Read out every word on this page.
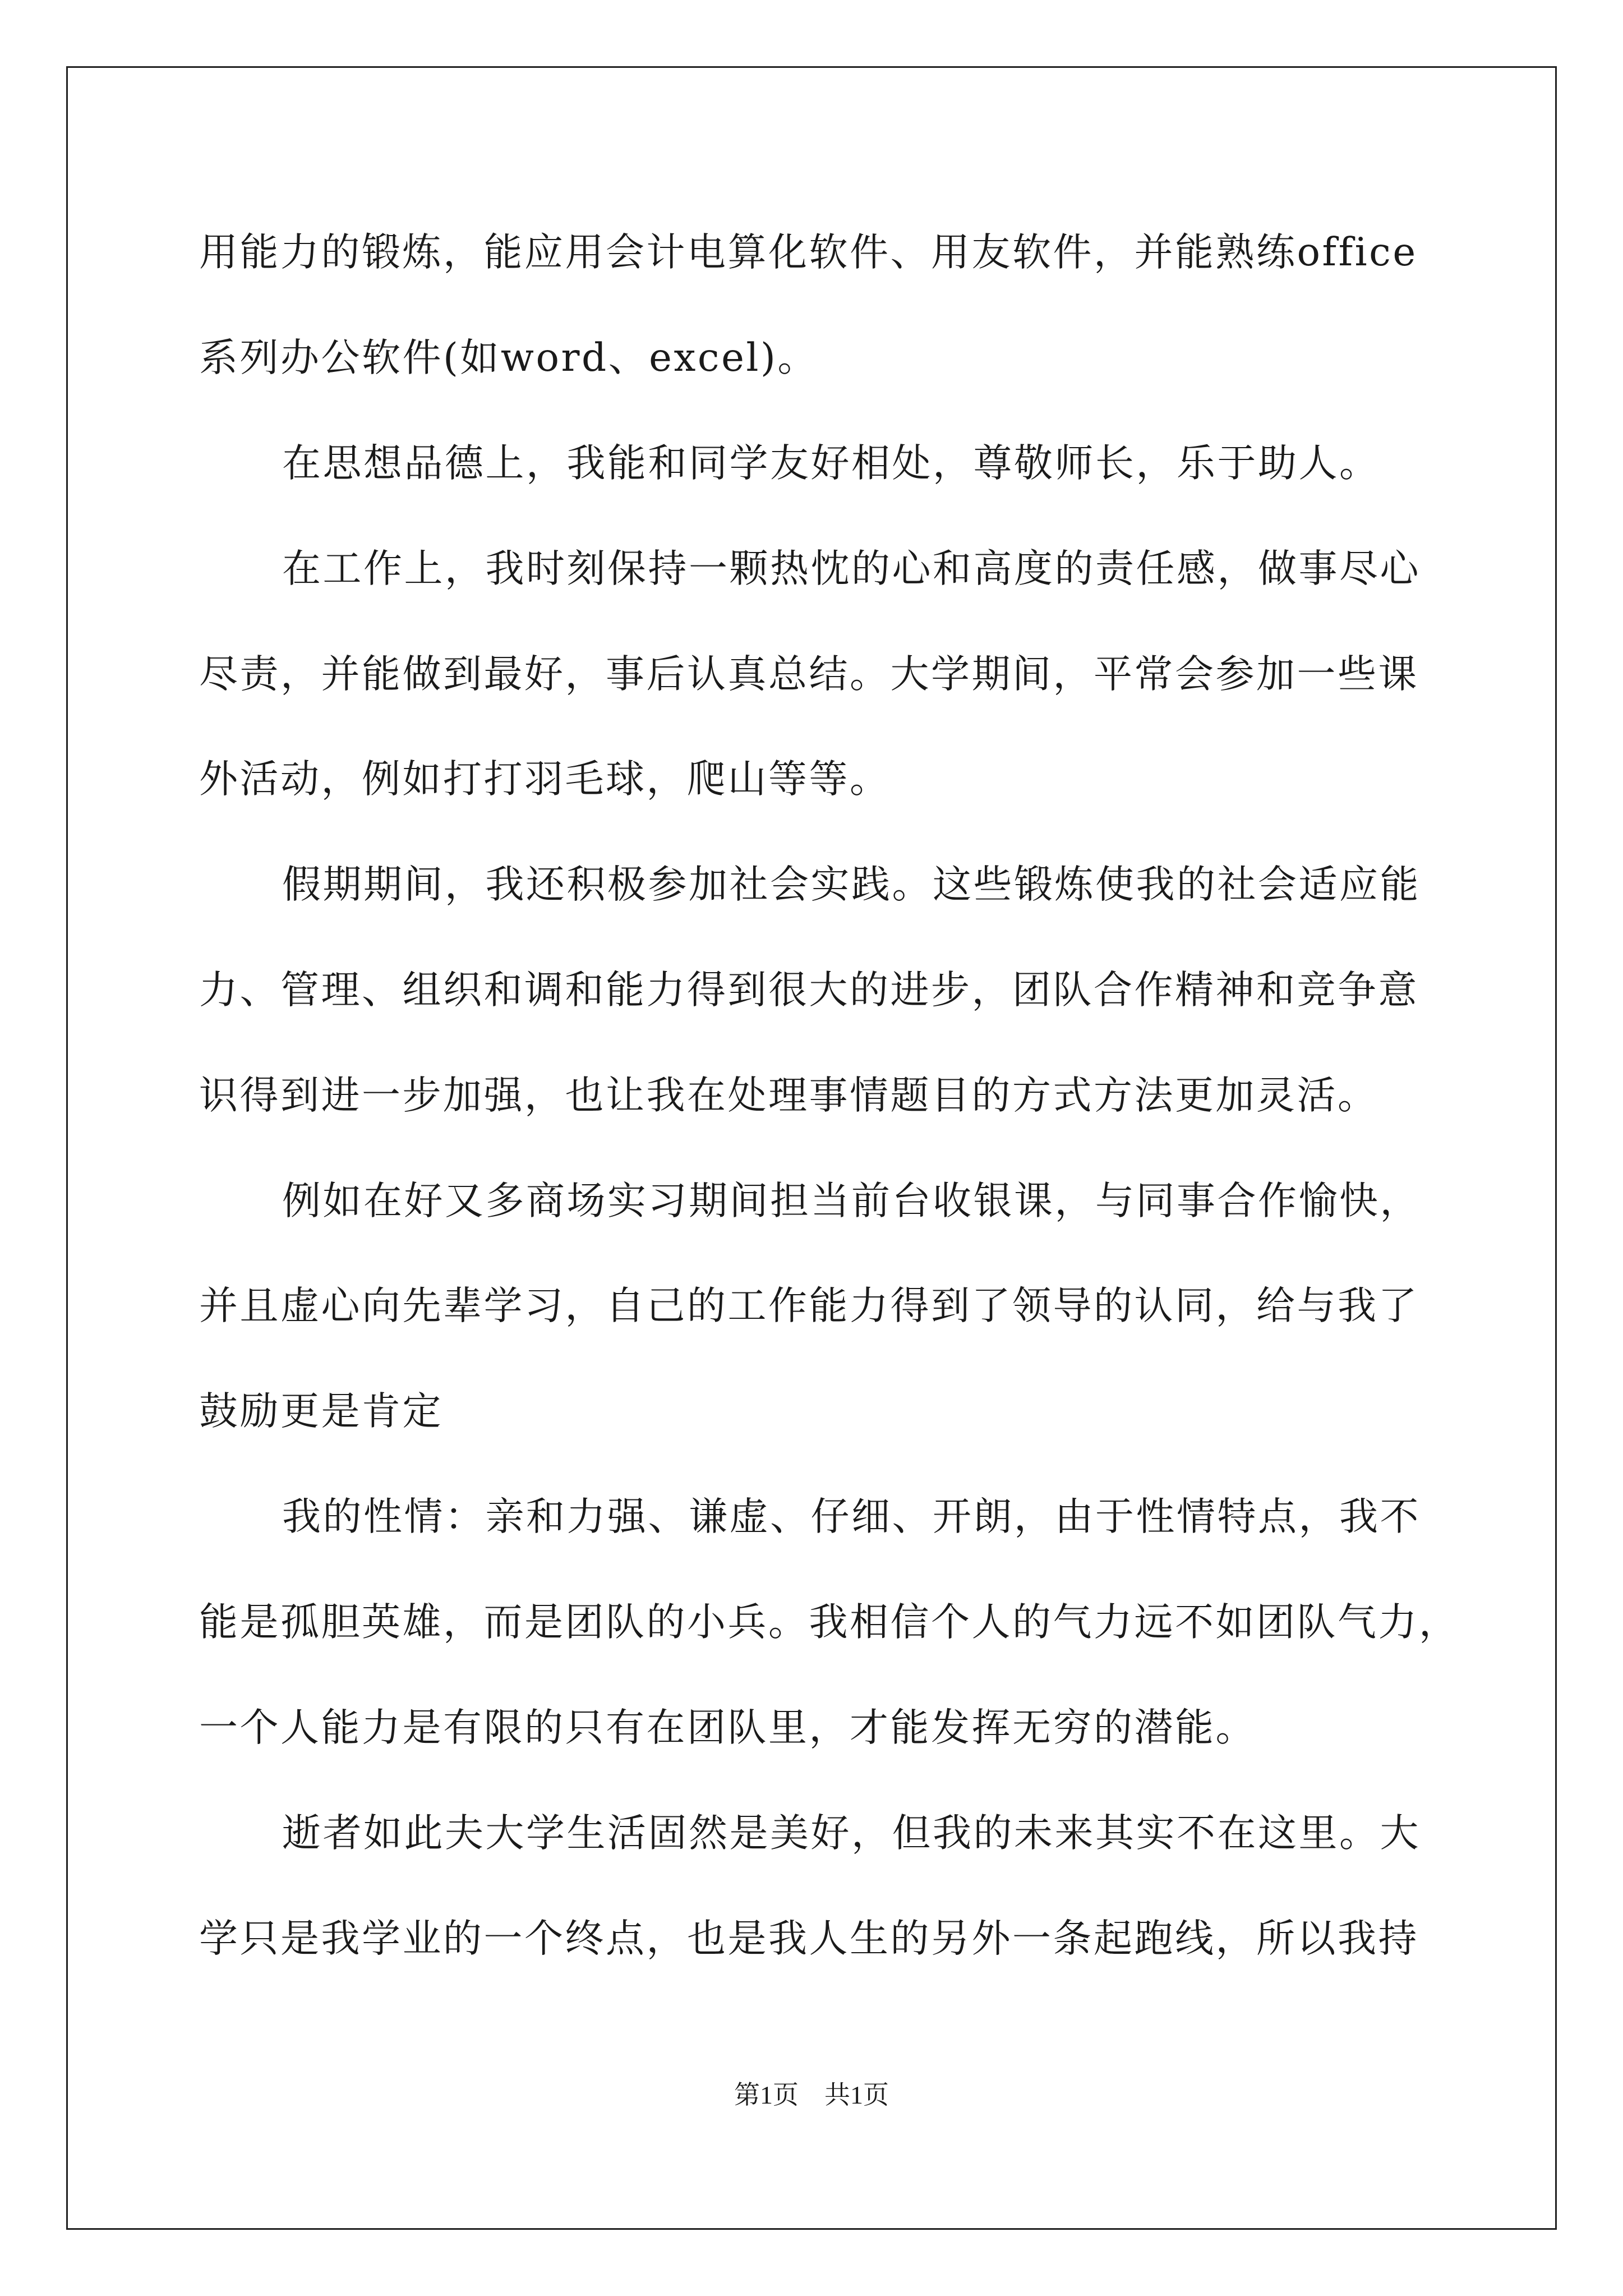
用能力的锻炼，能应用会计电算化软件、用友软件，并能熟练office
系列办公软件(如word、excel)。
在思想品德上，我能和同学友好相处，尊敬师长，乐于助人。
在工作上，我时刻保持一颗热忱的心和高度的责任感，做事尽心
尽责，并能做到最好，事后认真总结。大学期间，平常会参加一些课
外活动，例如打打羽毛球，爬山等等。
假期期间，我还积极参加社会实践。这些锻炼使我的社会适应能
力、管理、组织和调和能力得到很大的进步，团队合作精神和竞争意
识得到进一步加强，也让我在处理事情题目的方式方法更加灵活。
例如在好又多商场实习期间担当前台收银课，与同事合作愉快，
并且虚心向先辈学习，自己的工作能力得到了领导的认同，给与我了
鼓励更是肯定
我的性情：亲和力强、谦虚、仔细、开朗，由于性情特点，我不
能是孤胆英雄，而是团队的小兵。我相信个人的气力远不如团队气力，
一个人能力是有限的只有在团队里，才能发挥无穷的潜能。
逝者如此夫大学生活固然是美好，但我的未来其实不在这里。大
学只是我学业的一个终点，也是我人生的另外一条起跑线，所以我持
第1页 共1页
